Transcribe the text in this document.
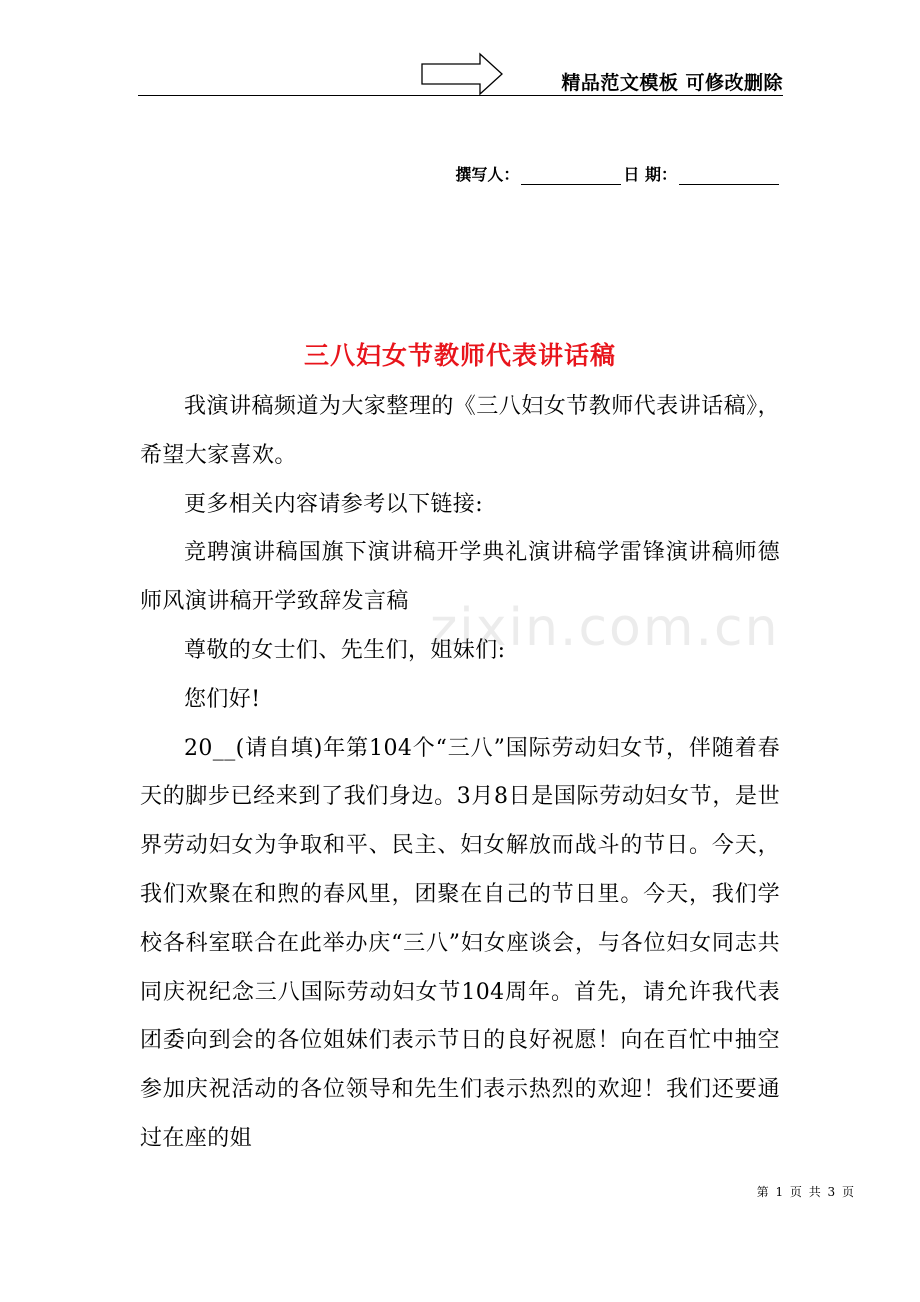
精品范文模板 可修改删除
撰写人：	日 期：
三八妇女节教师代表讲话稿

我演讲稿频道为大家整理的《三八妇女节教师代表讲话稿》，希望大家喜欢。

更多相关内容请参考以下链接:

竞聘演讲稿国旗下演讲稿开学典礼演讲稿学雷锋演讲稿师德师风演讲稿开学致辞发言稿

尊敬的女士们、先生们，姐妹们:

您们好!

20__(请自填)年第104个“三八”国际劳动妇女节，伴随着春天的脚步已经来到了我们身边。3月8日是国际劳动妇女节，是世界劳动妇女为争取和平、民主、妇女解放而战斗的节日。今天，我们欢聚在和煦的春风里，团聚在自己的节日里。今天，我们学校各科室联合在此举办庆“三八”妇女座谈会，与各位妇女同志共同庆祝纪念三八国际劳动妇女节104周年。首先，请允许我代表团委向到会的各位姐妹们表示节日的良好祝愿！向在百忙中抽空参加庆祝活动的各位领导和先生们表示热烈的欢迎！我们还要通过在座的姐

zixin.com.cn
第 1 页 共 3 页
